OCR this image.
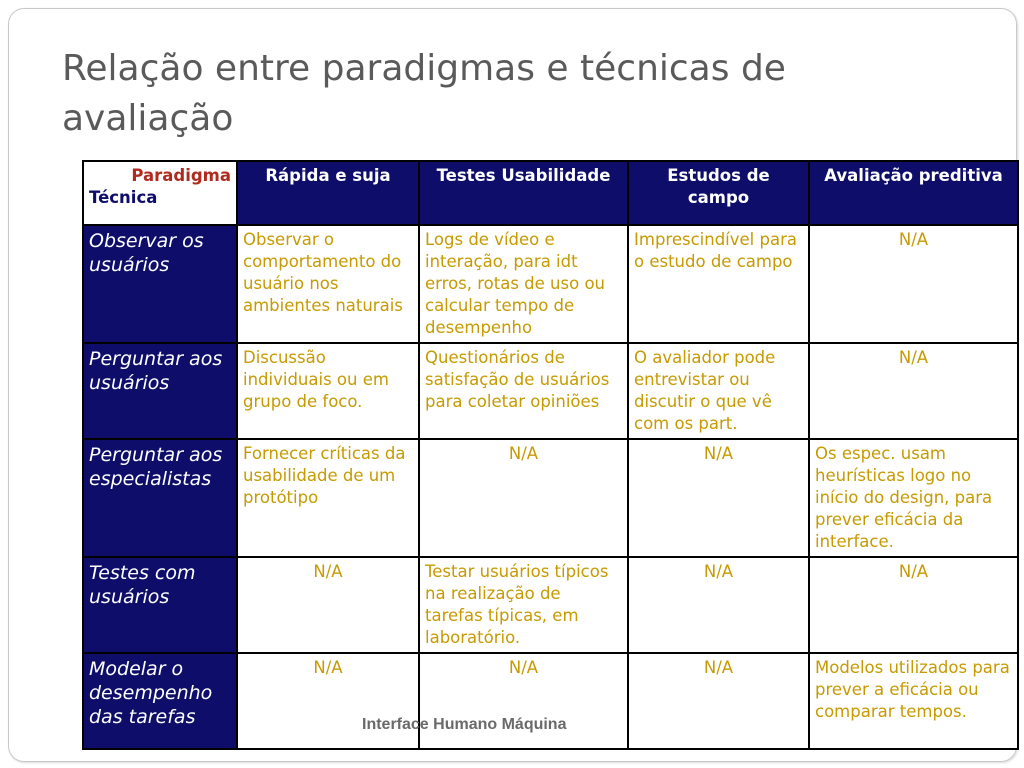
Relação entre paradigmas e técnicas de avaliação
Paradigma
Técnica	Rápida e suja	Testes Usabilidade	Estudos de campo	Avaliação preditiva
Observar os usuários	Observar o comportamento do usuário nos ambientes naturais	Logs de vídeo e interação, para idt erros, rotas de uso ou calcular tempo de desempenho	Imprescindível para o estudo de campo	N/A
Perguntar aos usuários	Discussão individuais ou em grupo de foco.	Questionários de satisfação de usuários para coletar opiniões	O avaliador pode entrevistar ou discutir o que vê com os part.	N/A
Perguntar aos especialistas	Fornecer críticas da usabilidade de um protótipo	N/A	N/A	Os espec. usam heurísticas logo no início do design, para prever eficácia da interface.
Testes com usuários	N/A	Testar usuários típicos na realização de tarefas típicas, em laboratório.	N/A	N/A
Modelar o desempenho das tarefas	N/A	N/A	N/A	Modelos utilizados para prever a eficácia ou comparar tempos.
Interface Humano Máquina
